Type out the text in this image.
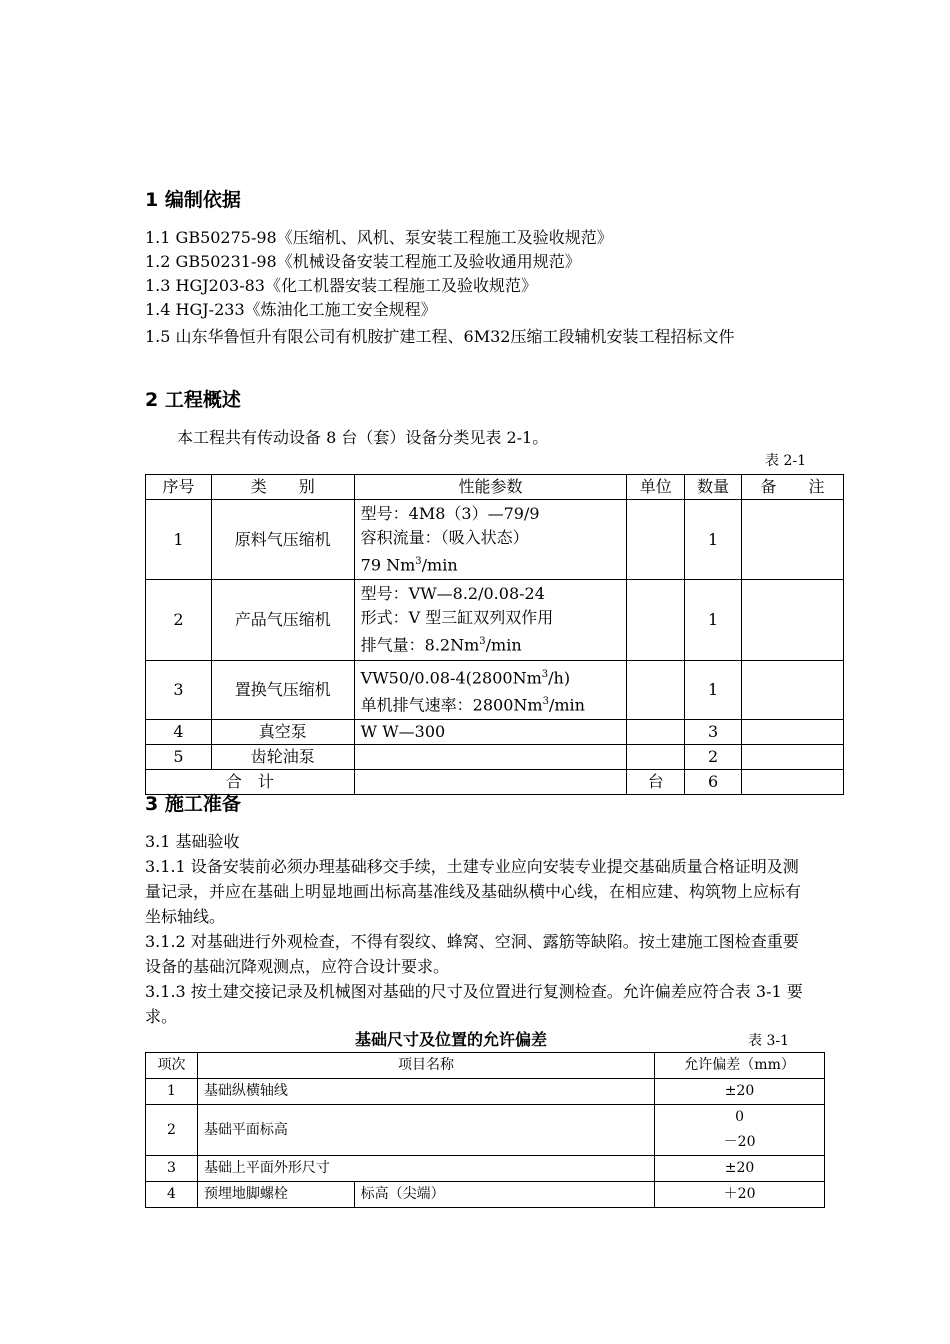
1 编制依据
1.1 GB50275-98《压缩机、风机、泵安装工程施工及验收规范》
1.2 GB50231-98《机械设备安装工程施工及验收通用规范》
1.3 HGJ203-83《化工机器安装工程施工及验收规范》
1.4 HGJ-233《炼油化工施工安全规程》
1.5 山东华鲁恒升有限公司有机胺扩建工程、6M32压缩工段辅机安装工程招标文件
2 工程概述
本工程共有传动设备 8 台（套）设备分类见表 2-1。
表 2-1
序号	类　　别	性能参数	单位	数量	备　　注
1	原料气压缩机	型号：4M8（3）—79/9
容积流量：（吸入状态）
79 Nm$^3$/min		1	
2	产品气压缩机	型号：VW—8.2/0.08-24
形式：V 型三缸双列双作用
排气量：8.2Nm$^3$/min		1	
3	置换气压缩机	VW50/0.08-4(2800Nm$^3$/h)
单机排气速率：2800Nm$^3$/min		1	
4	真空泵	W W—300		3	
5	齿轮油泵			2	
合　计			台	6	
3 施工准备
3.1 基础验收
3.1.1 设备安装前必须办理基础移交手续，土建专业应向安装专业提交基础质量合格证明及测量记录，并应在基础上明显地画出标高基准线及基础纵横中心线，在相应建、构筑物上应标有坐标轴线。
3.1.2 对基础进行外观检查，不得有裂纹、蜂窝、空洞、露筋等缺陷。按土建施工图检查重要设备的基础沉降观测点，应符合设计要求。
3.1.3 按土建交接记录及机械图对基础的尺寸及位置进行复测检查。允许偏差应符合表 3-1 要求。
基础尺寸及位置的允许偏差	表 3-1
项次	项目名称		允许偏差（mm）
1	基础纵横轴线		±20
2	基础平面标高		0
－20

3	基础上平面外形尺寸		±20
4	预埋地脚螺栓	标高（尖端）	＋20
